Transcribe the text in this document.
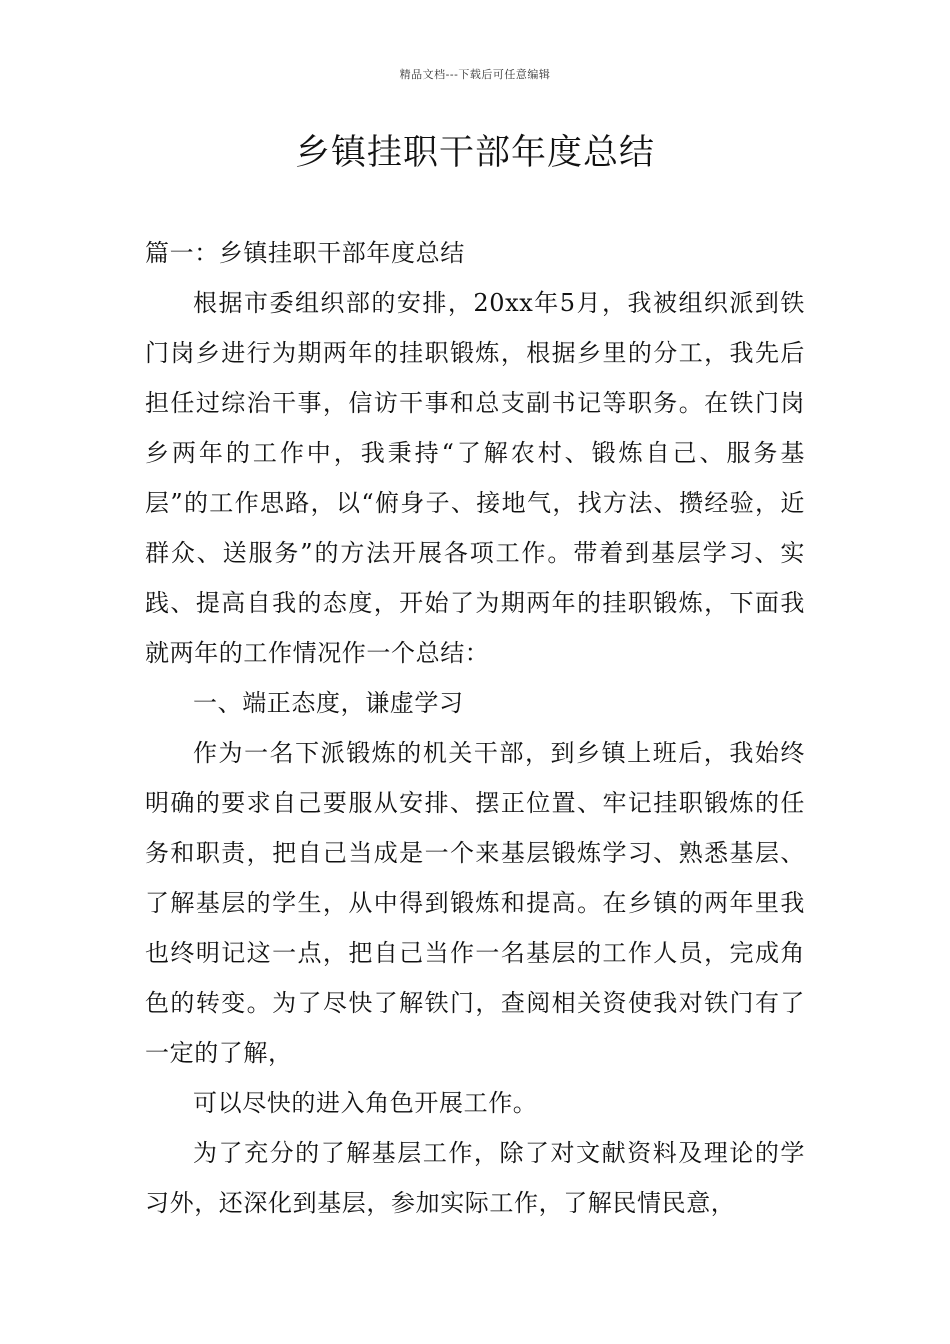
精品文档---下载后可任意编辑
乡镇挂职干部年度总结

篇一：乡镇挂职干部年度总结

根据市委组织部的安排，20xx年5月，我被组织派到铁门岗乡进行为期两年的挂职锻炼，根据乡里的分工，我先后担任过综治干事，信访干事和总支副书记等职务。在铁门岗乡两年的工作中，我秉持“了解农村、锻炼自己、服务基层”的工作思路，以“俯身子、接地气，找方法、攒经验，近群众、送服务”的方法开展各项工作。带着到基层学习、实践、提高自我的态度，开始了为期两年的挂职锻炼，下面我就两年的工作情况作一个总结：

一、端正态度，谦虚学习

作为一名下派锻炼的机关干部，到乡镇上班后，我始终明确的要求自己要服从安排、摆正位置、牢记挂职锻炼的任务和职责，把自己当成是一个来基层锻炼学习、熟悉基层、了解基层的学生，从中得到锻炼和提高。在乡镇的两年里我也终明记这一点，把自己当作一名基层的工作人员，完成角色的转变。为了尽快了解铁门，查阅相关资使我对铁门有了一定的了解，

可以尽快的进入角色开展工作。

为了充分的了解基层工作，除了对文献资料及理论的学习外，还深化到基层，参加实际工作，了解民情民意，
